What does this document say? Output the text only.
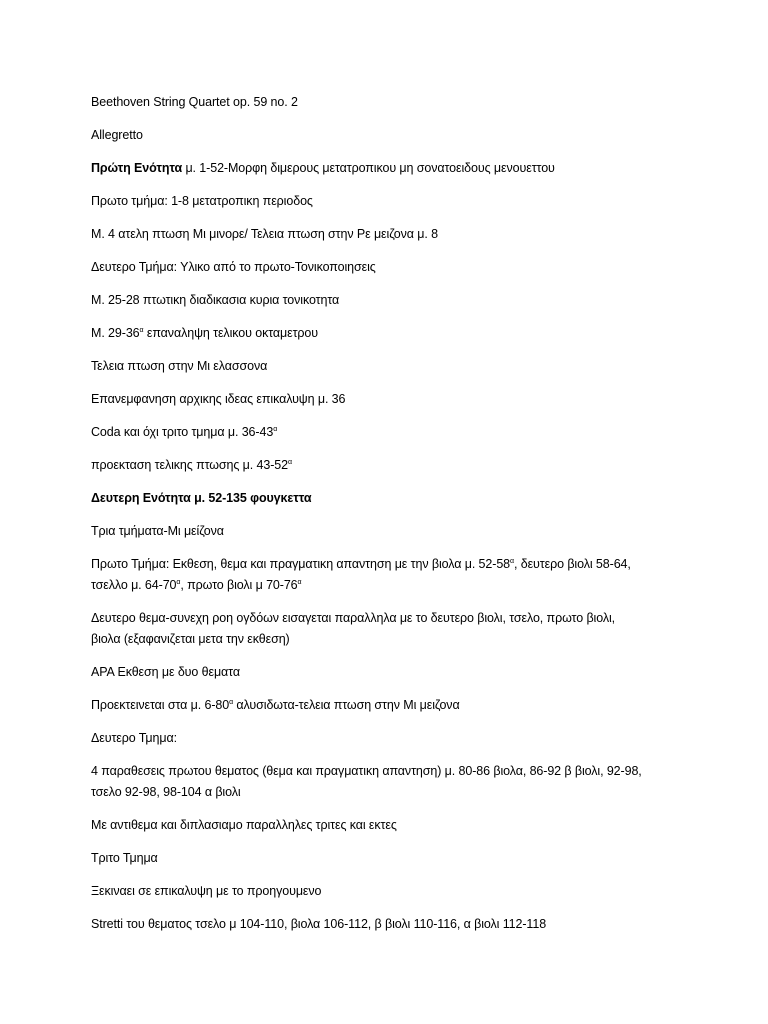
Beethoven String Quartet op. 59 no. 2

Allegretto

Πρώτη Ενότητα μ. 1-52-Μορφη διμερους μετατροπικου μη σονατοειδους μενουεττου

Πρωτο τμήμα: 1-8 μετατροπικη περιοδος

Μ. 4 ατελη πτωση Μι μινορε/ Τελεια πτωση στην Ρε μειζονα μ. 8

Δευτερο Τμήμα: Υλικο από το πρωτο-Τονικοποιησεις

Μ. 25-28 πτωτικη διαδικασια κυρια τονικοτητα

Μ. $29-36^\alpha$ επαναληψη τελικου οκταμετρου

Τελεια πτωση στην Μι ελασσονα

Επανεμφανηση αρχικης ιδεας επικαλυψη μ. 36

Coda και όχι τριτο τμημα μ. $36-43^\alpha$

προεκταση τελικης πτωσης μ. $43-52^\alpha$

Δευτερη Ενότητα μ. 52-135 φουγκεττα

Τρια τμήματα-Μι μείζονα

Πρωτο Τμήμα: Εκθεση, θεμα και πραγματικη απαντηση με την βιολα μ. $52-58^\alpha$, δευτερο βιολι 58-64,
τσελλο μ. $64-70^\alpha$, πρωτο βιολι μ $70-76^\alpha$

Δευτερο θεμα-συνεχη ροη ογδόων εισαγεται παραλληλα με το δευτερο βιολι, τσελο, πρωτο βιολι,
βιολα (εξαφανιζεται μετα την εκθεση)

ΑΡΑ Εκθεση με δυο θεματα

Προεκτεινεται στα μ. $6-80^\alpha$ αλυσιδωτα-τελεια πτωση στην Μι μειζονα

Δευτερο Τμημα:

4 παραθεσεις πρωτου θεματος (θεμα και πραγματικη απαντηση) μ. 80-86 βιολα, 86-92 β βιολι, 92-98,
τσελο 92-98, 98-104 α βιολι

Με αντιθεμα και διπλασιαμο παραλληλες τριτες και εκτες

Τριτο Τμημα

Ξεκιναει σε επικαλυψη με το προηγουμενο

Stretti του θεματος τσελο μ 104-110, βιολα 106-112, β βιολι 110-116, α βιολι 112-118
